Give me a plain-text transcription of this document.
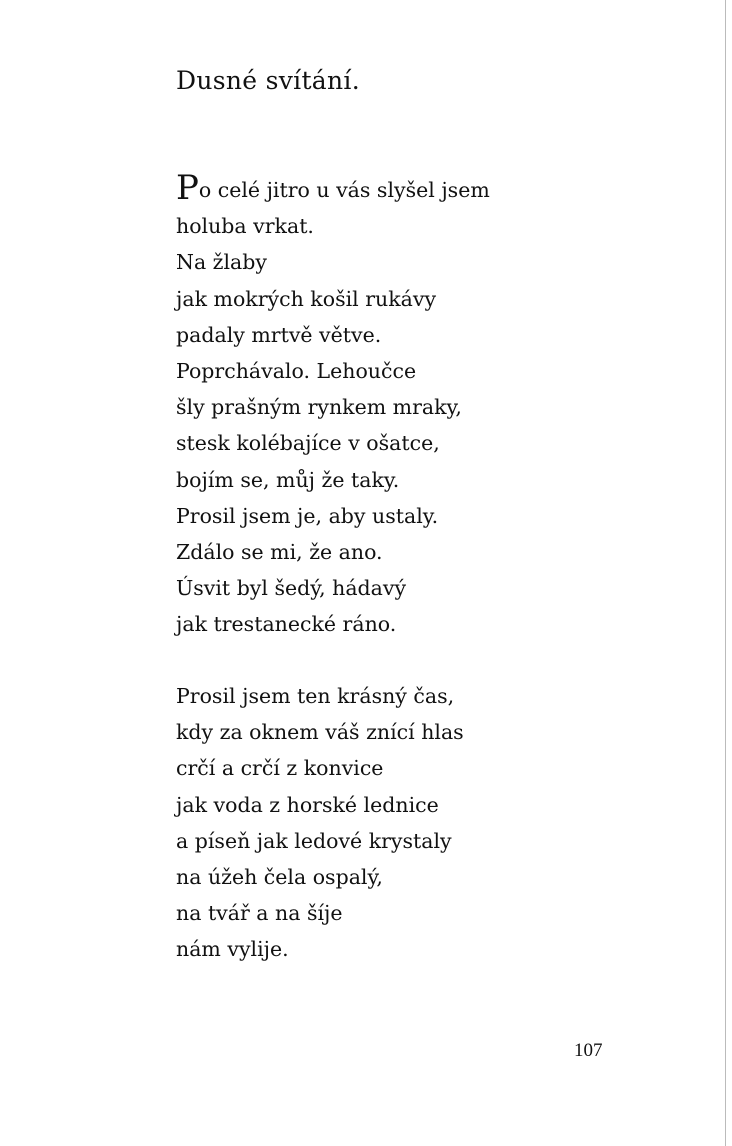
Dusné svítání.
Po celé jitro u vás slyšel jsem
holuba vrkat.
Na žlaby
jak mokrých košil rukávy
padaly mrtvě větve.
Poprchávalo. Lehoučce
šly prašným rynkem mraky,
stesk kolébajíce v ošatce,
bojím se, můj že taky.
Prosil jsem je, aby ustaly.
Zdálo se mi, že ano.
Úsvit byl šedý, hádavý
jak trestanecké ráno.
Prosil jsem ten krásný čas,
kdy za oknem váš znící hlas
crčí a crčí z konvice
jak voda z horské lednice
a píseň jak ledové krystaly
na úžeh čela ospalý,
na tvář a na šíje
nám vylije.
107
